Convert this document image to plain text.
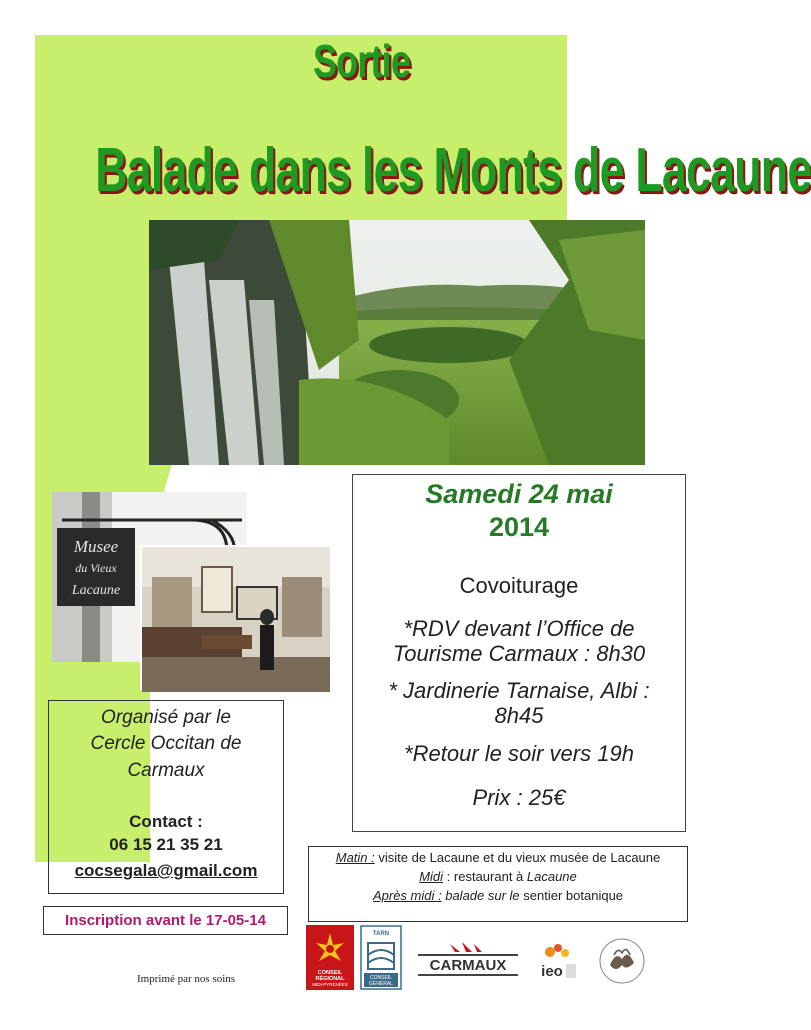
Sortie
Balade dans les Monts de Lacaune
Musee
du Vieux
Lacaune
Samedi 24 mai
2014
Covoiturage
*RDV devant l’Office de
Tourisme Carmaux : 8h30
* Jardinerie Tarnaise, Albi :
8h45
*Retour le soir vers 19h
Prix : 25€
Organisé par le
Cercle Occitan de
Carmaux
Contact :
06 15 21 35 21
cocsegala@gmail.com
Matin : visite de Lacaune et du vieux musée de Lacaune
Midi : restaurant à Lacaune
Après midi : balade sur le sentier botanique
Inscription avant le 17-05-14
Imprimé par nos soins	CONSEIL
RÉGIONAL
MIDI-PYRÉNÉES
TARN
CONSEIL
GÉNÉRAL
CARMAUX ieo
